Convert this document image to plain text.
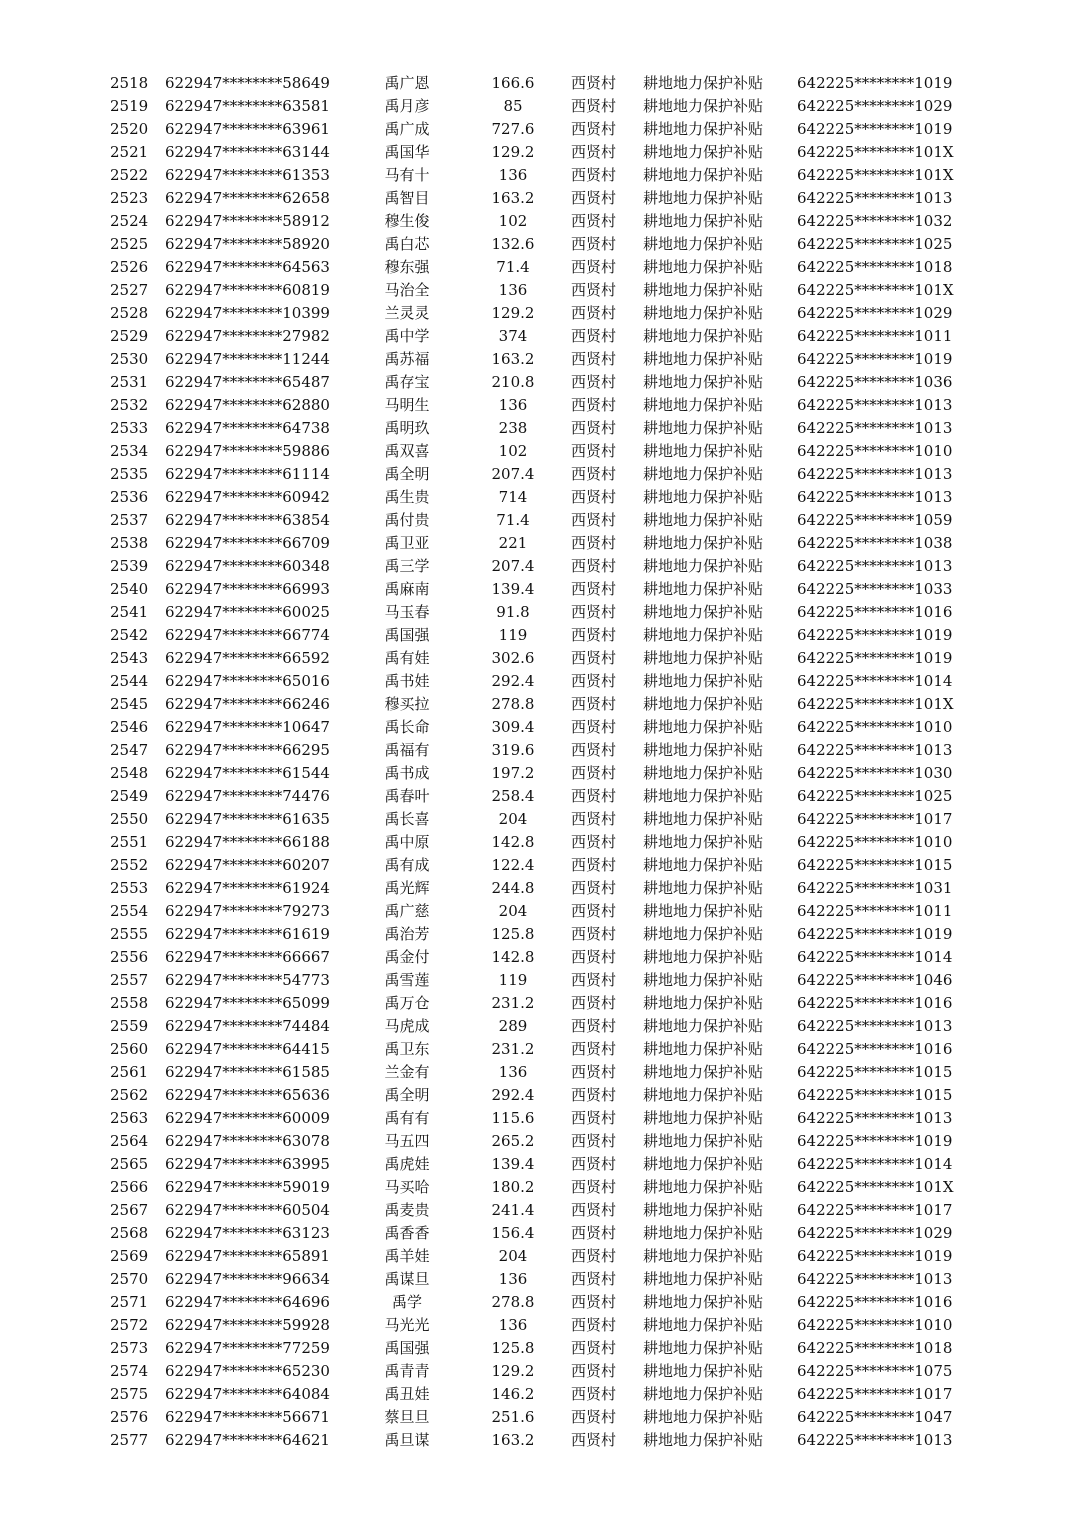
2518 622947********58649	禹广恩	166.6	西贤村	耕地地力保护补贴	642225********1019
2519 622947********63581	禹月彦	85	西贤村	耕地地力保护补贴	642225********1029
2520 622947********63961	禹广成	727.6	西贤村	耕地地力保护补贴	642225********1019
2521 622947********63144	禹国华	129.2	西贤村	耕地地力保护补贴	642225********101X
2522 622947********61353	马有十	136	西贤村	耕地地力保护补贴	642225********101X
2523 622947********62658	禹智目	163.2	西贤村	耕地地力保护补贴	642225********1013
2524 622947********58912	穆生俊	102	西贤村	耕地地力保护补贴	642225********1032
2525 622947********58920	禹白芯	132.6	西贤村	耕地地力保护补贴	642225********1025
2526 622947********64563	穆东强	71.4	西贤村	耕地地力保护补贴	642225********1018
2527 622947********60819	马治全	136	西贤村	耕地地力保护补贴	642225********101X
2528 622947********10399	兰灵灵	129.2	西贤村	耕地地力保护补贴	642225********1029
2529 622947********27982	禹中学	374	西贤村	耕地地力保护补贴	642225********1011
2530 622947********11244	禹苏福	163.2	西贤村	耕地地力保护补贴	642225********1019
2531 622947********65487	禹存宝	210.8	西贤村	耕地地力保护补贴	642225********1036
2532 622947********62880	马明生	136	西贤村	耕地地力保护补贴	642225********1013
2533 622947********64738	禹明玖	238	西贤村	耕地地力保护补贴	642225********1013
2534 622947********59886	禹双喜	102	西贤村	耕地地力保护补贴	642225********1010
2535 622947********61114	禹全明	207.4	西贤村	耕地地力保护补贴	642225********1013
2536 622947********60942	禹生贵	714	西贤村	耕地地力保护补贴	642225********1013
2537 622947********63854	禹付贵	71.4	西贤村	耕地地力保护补贴	642225********1059
2538 622947********66709	禹卫亚	221	西贤村	耕地地力保护补贴	642225********1038
2539 622947********60348	禹三学	207.4	西贤村	耕地地力保护补贴	642225********1013
2540 622947********66993	禹麻南	139.4	西贤村	耕地地力保护补贴	642225********1033
2541 622947********60025	马玉春	91.8	西贤村	耕地地力保护补贴	642225********1016
2542 622947********66774	禹国强	119	西贤村	耕地地力保护补贴	642225********1019
2543 622947********66592	禹有娃	302.6	西贤村	耕地地力保护补贴	642225********1019
2544 622947********65016	禹书娃	292.4	西贤村	耕地地力保护补贴	642225********1014
2545 622947********66246	穆买拉	278.8	西贤村	耕地地力保护补贴	642225********101X
2546 622947********10647	禹长命	309.4	西贤村	耕地地力保护补贴	642225********1010
2547 622947********66295	禹福有	319.6	西贤村	耕地地力保护补贴	642225********1013
2548 622947********61544	禹书成	197.2	西贤村	耕地地力保护补贴	642225********1030
2549 622947********74476	禹春叶	258.4	西贤村	耕地地力保护补贴	642225********1025
2550 622947********61635	禹长喜	204	西贤村	耕地地力保护补贴	642225********1017
2551 622947********66188	禹中原	142.8	西贤村	耕地地力保护补贴	642225********1010
2552 622947********60207	禹有成	122.4	西贤村	耕地地力保护补贴	642225********1015
2553 622947********61924	禹光辉	244.8	西贤村	耕地地力保护补贴	642225********1031
2554 622947********79273	禹广慈	204	西贤村	耕地地力保护补贴	642225********1011
2555 622947********61619	禹治芳	125.8	西贤村	耕地地力保护补贴	642225********1019
2556 622947********66667	禹金付	142.8	西贤村	耕地地力保护补贴	642225********1014
2557 622947********54773	禹雪莲	119	西贤村	耕地地力保护补贴	642225********1046
2558 622947********65099	禹万仓	231.2	西贤村	耕地地力保护补贴	642225********1016
2559 622947********74484	马虎成	289	西贤村	耕地地力保护补贴	642225********1013
2560 622947********64415	禹卫东	231.2	西贤村	耕地地力保护补贴	642225********1016
2561 622947********61585	兰金有	136	西贤村	耕地地力保护补贴	642225********1015
2562 622947********65636	禹全明	292.4	西贤村	耕地地力保护补贴	642225********1015
2563 622947********60009	禹有有	115.6	西贤村	耕地地力保护补贴	642225********1013
2564 622947********63078	马五四	265.2	西贤村	耕地地力保护补贴	642225********1019
2565 622947********63995	禹虎娃	139.4	西贤村	耕地地力保护补贴	642225********1014
2566 622947********59019	马买哈	180.2	西贤村	耕地地力保护补贴	642225********101X
2567 622947********60504	禹麦贵	241.4	西贤村	耕地地力保护补贴	642225********1017
2568 622947********63123	禹香香	156.4	西贤村	耕地地力保护补贴	642225********1029
2569 622947********65891	禹羊娃	204	西贤村	耕地地力保护补贴	642225********1019
2570 622947********96634	禹谋旦	136	西贤村	耕地地力保护补贴	642225********1013
2571 622947********64696	禹学	278.8	西贤村	耕地地力保护补贴	642225********1016
2572 622947********59928	马光光	136	西贤村	耕地地力保护补贴	642225********1010
2573 622947********77259	禹国强	125.8	西贤村	耕地地力保护补贴	642225********1018
2574 622947********65230	禹青青	129.2	西贤村	耕地地力保护补贴	642225********1075
2575 622947********64084	禹丑娃	146.2	西贤村	耕地地力保护补贴	642225********1017
2576 622947********56671	蔡旦旦	251.6	西贤村	耕地地力保护补贴	642225********1047
2577 622947********64621	禹旦谋	163.2	西贤村	耕地地力保护补贴	642225********1013
